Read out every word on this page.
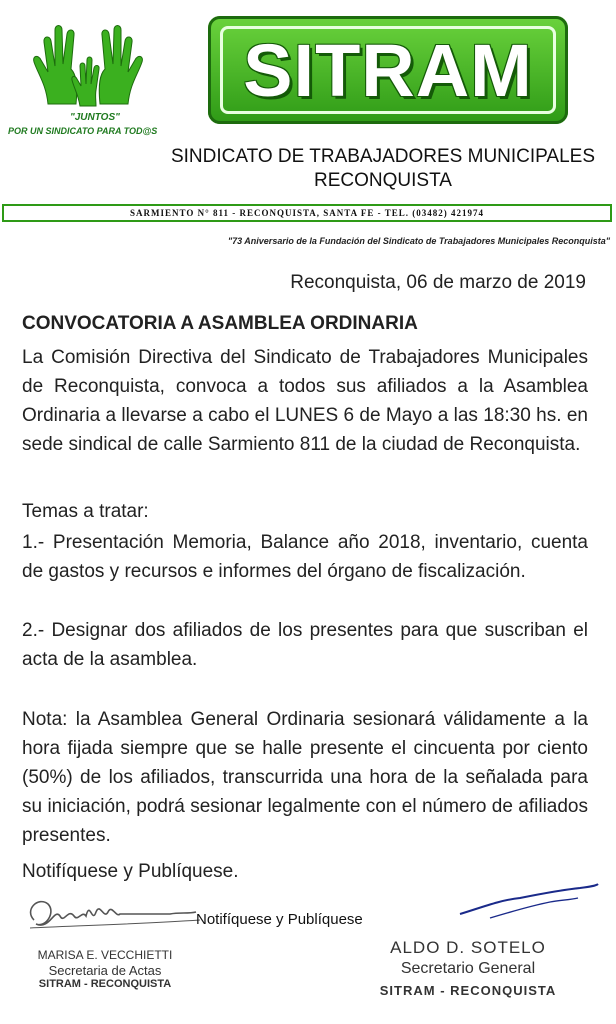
"JUNTOS"
POR UN SINDICATO PARA TOD@S
SITRAM
SINDICATO DE TRABAJADORES MUNICIPALES
RECONQUISTA
SARMIENTO N° 811 - RECONQUISTA, SANTA FE - TEL. (03482) 421974
"73 Aniversario de la Fundación del Sindicato de Trabajadores Municipales Reconquista"
Reconquista, 06 de marzo de 2019
CONVOCATORIA A ASAMBLEA ORDINARIA
La Comisión Directiva del Sindicato de Trabajadores Municipales de Reconquista, convoca a todos sus afiliados a la Asamblea Ordinaria a llevarse a cabo el LUNES 6 de Mayo a las 18:30 hs. en sede sindical de calle Sarmiento 811 de la ciudad de Reconquista.
Temas a tratar:
1.- Presentación Memoria, Balance año 2018, inventario, cuenta de gastos y recursos e informes del órgano de fiscalización.
2.- Designar dos afiliados de los presentes para que suscriban el acta de la asamblea.
Nota: la Asamblea General Ordinaria sesionará válidamente a la hora fijada siempre que se halle presente el cincuenta por ciento (50%) de los afiliados, transcurrida una hora de la señalada para su iniciación, podrá sesionar legalmente con el número de afiliados presentes.
Notifíquese y Publíquese.
Notifíquese y Publíquese
MARISA E. VECCHIETTI
Secretaria de Actas
SITRAM - RECONQUISTA
ALDO D. SOTELO
Secretario General
SITRAM - RECONQUISTA
